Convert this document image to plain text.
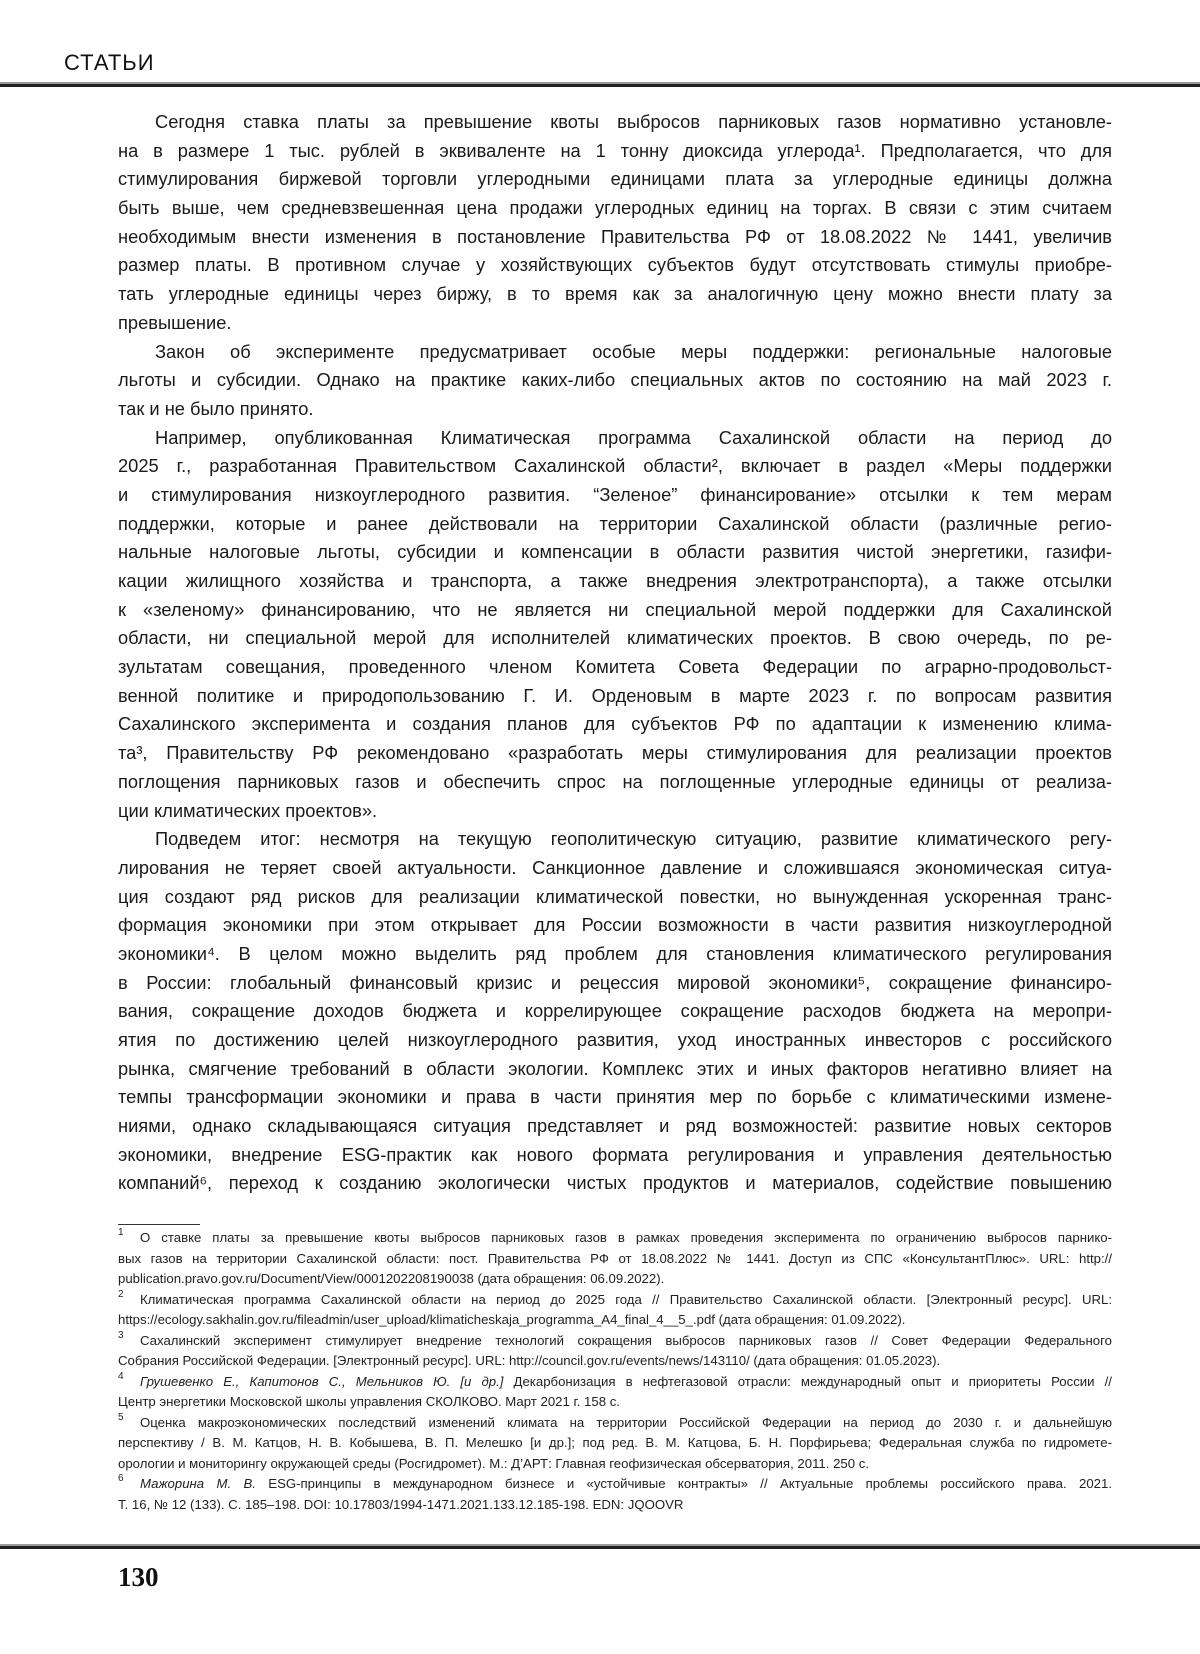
СТАТЬИ
Сегодня ставка платы за превышение квоты выбросов парниковых газов нормативно установле-
на в размере 1 тыс. рублей в эквиваленте на 1 тонну диоксида углерода¹. Предполагается, что для
стимулирования биржевой торговли углеродными единицами плата за углеродные единицы должна
быть выше, чем средневзвешенная цена продажи углеродных единиц на торгах. В связи с этим считаем
необходимым внести изменения в постановление Правительства РФ от 18.08.2022 № 1441, увеличив
размер платы. В противном случае у хозяйствующих субъектов будут отсутствовать стимулы приобре-
тать углеродные единицы через биржу, в то время как за аналогичную цену можно внести плату за
превышение.
Закон об эксперименте предусматривает особые меры поддержки: региональные налоговые
льготы и субсидии. Однако на практике каких-либо специальных актов по состоянию на май 2023 г.
так и не было принято.
Например, опубликованная Климатическая программа Сахалинской области на период до
2025 г., разработанная Правительством Сахалинской области², включает в раздел «Меры поддержки
и стимулирования низкоуглеродного развития. “Зеленое” финансирование» отсылки к тем мерам
поддержки, которые и ранее действовали на территории Сахалинской области (различные регио-
нальные налоговые льготы, субсидии и компенсации в области развития чистой энергетики, газифи-
кации жилищного хозяйства и транспорта, а также внедрения электротранспорта), а также отсылки
к «зеленому» финансированию, что не является ни специальной мерой поддержки для Сахалинской
области, ни специальной мерой для исполнителей климатических проектов. В свою очередь, по ре-
зультатам совещания, проведенного членом Комитета Совета Федерации по аграрно-продовольст-
венной политике и природопользованию Г. И. Орденовым в марте 2023 г. по вопросам развития
Сахалинского эксперимента и создания планов для субъектов РФ по адаптации к изменению клима-
та³, Правительству РФ рекомендовано «разработать меры стимулирования для реализации проектов
поглощения парниковых газов и обеспечить спрос на поглощенные углеродные единицы от реализа-
ции климатических проектов».
Подведем итог: несмотря на текущую геополитическую ситуацию, развитие климатического регу-
лирования не теряет своей актуальности. Санкционное давление и сложившаяся экономическая ситуа-
ция создают ряд рисков для реализации климатической повестки, но вынужденная ускоренная транс-
формация экономики при этом открывает для России возможности в части развития низкоуглеродной
экономики⁴. В целом можно выделить ряд проблем для становления климатического регулирования
в России: глобальный финансовый кризис и рецессия мировой экономики⁵, сокращение финансиро-
вания, сокращение доходов бюджета и коррелирующее сокращение расходов бюджета на меропри-
ятия по достижению целей низкоуглеродного развития, уход иностранных инвесторов с российского
рынка, смягчение требований в области экологии. Комплекс этих и иных факторов негативно влияет на
темпы трансформации экономики и права в части принятия мер по борьбе с климатическими измене-
ниями, однако складывающаяся ситуация представляет и ряд возможностей: развитие новых секторов
экономики, внедрение ESG-практик как нового формата регулирования и управления деятельностью
компаний⁶, переход к созданию экологически чистых продуктов и материалов, содействие повышению
1 О ставке платы за превышение квоты выбросов парниковых газов в рамках проведения эксперимента по ограничению выбросов парнико-
вых газов на территории Сахалинской области: пост. Правительства РФ от 18.08.2022 № 1441. Доступ из СПС «КонсультантПлюс». URL: http://
publication.pravo.gov.ru/Document/View/0001202208190038 (дата обращения: 06.09.2022).
2 Климатическая программа Сахалинской области на период до 2025 года // Правительство Сахалинской области. [Электронный ресурс]. URL:
https://ecology.sakhalin.gov.ru/fileadmin/user_upload/klimaticheskaja_programma_A4_final_4__5_.pdf (дата обращения: 01.09.2022).
3 Сахалинский эксперимент стимулирует внедрение технологий сокращения выбросов парниковых газов // Совет Федерации Федерального
Собрания Российской Федерации. [Электронный ресурс]. URL: http://council.gov.ru/events/news/143110/ (дата обращения: 01.05.2023).
4 Грушевенко Е., Капитонов С., Мельников Ю. [и др.] Декарбонизация в нефтегазовой отрасли: международный опыт и приоритеты России //
Центр энергетики Московской школы управления СКОЛКОВО. Март 2021 г. 158 с.
5 Оценка макроэкономических последствий изменений климата на территории Российской Федерации на период до 2030 г. и дальнейшую
перспективу / В. М. Катцов, Н. В. Кобышева, В. П. Мелешко [и др.]; под ред. В. М. Катцова, Б. Н. Порфирьева; Федеральная служба по гидромете-
орологии и мониторингу окружающей среды (Росгидромет). М.: Д’АРТ: Главная геофизическая обсерватория, 2011. 250 с.
6 Мажорина М. В. ESG-принципы в международном бизнесе и «устойчивые контракты» // Актуальные проблемы российского права. 2021.
Т. 16, № 12 (133). С. 185–198. DOI: 10.17803/1994-1471.2021.133.12.185-198. EDN: JQOOVR
130
